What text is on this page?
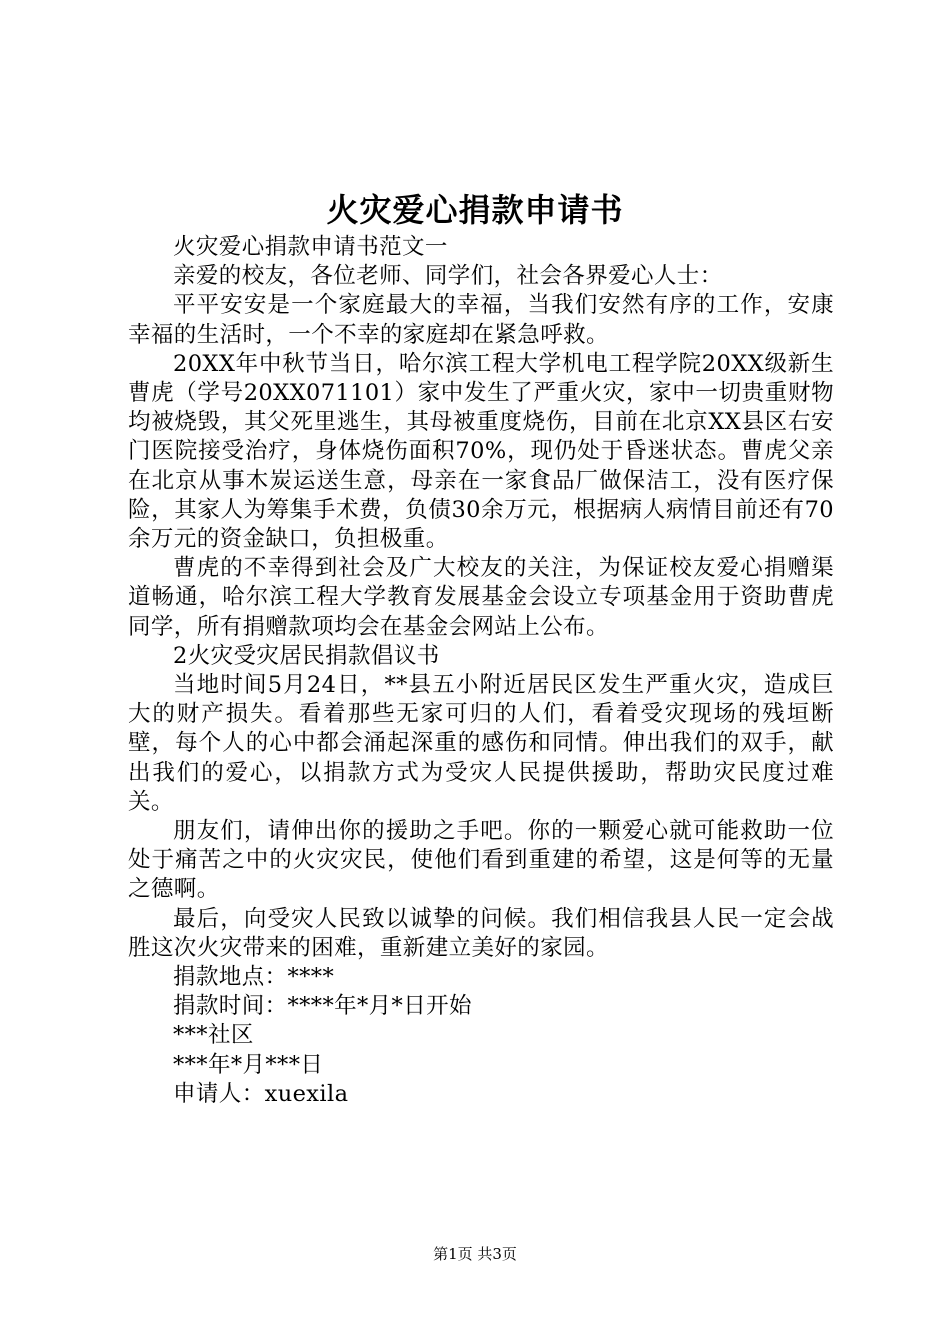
火灾爱心捐款申请书

火灾爱心捐款申请书范文一

亲爱的校友，各位老师、同学们，社会各界爱心人士：

平平安安是一个家庭最大的幸福，当我们安然有序的工作，安康幸福的生活时，一个不幸的家庭却在紧急呼救。

20XX年中秋节当日，哈尔滨工程大学机电工程学院20XX级新生曹虎（学号20XX071101）家中发生了严重火灾，家中一切贵重财物均被烧毁，其父死里逃生，其母被重度烧伤，目前在北京XX县区右安门医院接受治疗，身体烧伤面积70%，现仍处于昏迷状态。曹虎父亲在北京从事木炭运送生意，母亲在一家食品厂做保洁工，没有医疗保险，其家人为筹集手术费，负债30余万元，根据病人病情目前还有70余万元的资金缺口，负担极重。

曹虎的不幸得到社会及广大校友的关注，为保证校友爱心捐赠渠道畅通，哈尔滨工程大学教育发展基金会设立专项基金用于资助曹虎同学，所有捐赠款项均会在基金会网站上公布。

2火灾受灾居民捐款倡议书

当地时间5月24日，**县五小附近居民区发生严重火灾，造成巨大的财产损失。看着那些无家可归的人们，看着受灾现场的残垣断壁，每个人的心中都会涌起深重的感伤和同情。伸出我们的双手，献出我们的爱心，以捐款方式为受灾人民提供援助，帮助灾民度过难关。

朋友们，请伸出你的援助之手吧。你的一颗爱心就可能救助一位处于痛苦之中的火灾灾民，使他们看到重建的希望，这是何等的无量之德啊。

最后，向受灾人民致以诚挚的问候。我们相信我县人民一定会战胜这次火灾带来的困难，重新建立美好的家园。

捐款地点：****

捐款时间：****年*月*日开始

***社区

***年*月***日

申请人：xuexila

第1页 共3页
